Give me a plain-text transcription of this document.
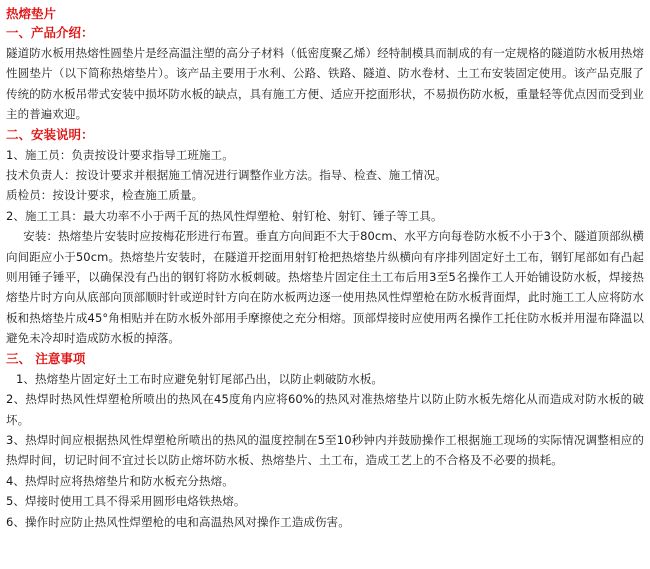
热熔垫片
一、产品介绍：

隧道防水板用热熔性圆垫片是经高温注塑的高分子材料（低密度聚乙烯）经特制模具而制成的有一定规格的隧道防水板用热熔性圆垫片（以下简称热熔垫片）。该产品主要用于水利、公路、铁路、隧道、防水卷材、土工布安装固定使用。该产品克服了传统的防水板吊带式安装中损坏防水板的缺点，具有施工方便、适应开挖面形状，不易损伤防水板，重量轻等优点因而受到业主的普遍欢迎。

二、安装说明：

1、施工员：负责按设计要求指导工班施工。

技术负责人：按设计要求并根据施工情况进行调整作业方法。指导、检查、施工情况。

质检员：按设计要求，检查施工质量。

2、施工工具：最大功率不小于两千瓦的热风性焊塑枪、射钉枪、射钉、锤子等工具。

安装：热熔垫片安装时应按梅花形进行布置。垂直方向间距不大于80cm、水平方向每卷防水板不小于3个、隧道顶部纵横向间距应小于50cm。热熔垫片安装时，在隧道开挖面用射钉枪把热熔垫片纵横向有序排列固定好土工布，钢钉尾部如有凸起则用锤子锤平，以确保没有凸出的钢钉将防水板刺破。热熔垫片固定住土工布后用3至5名操作工人开始铺设防水板，焊接热熔垫片时方向从底部向顶部顺时针或逆时针方向在防水板两边逐一使用热风性焊塑枪在防水板背面焊，此时施工工人应将防水板和热熔垫片成45°角相贴并在防水板外部用手摩擦使之充分相熔。顶部焊接时应使用两名操作工托住防水板并用湿布降温以避免未冷却时造成防水板的掉落。

三、 注意事项

1、热熔垫片固定好土工布时应避免射钉尾部凸出，以防止刺破防水板。

2、热焊时热风性焊塑枪所喷出的热风在45度角内应将60%的热风对准热熔垫片以防止防水板先熔化从而造成对防水板的破坏。

3、热焊时间应根据热风性焊塑枪所喷出的热风的温度控制在5至10秒钟内并鼓励操作工根据施工现场的实际情况调整相应的热焊时间，切记时间不宜过长以防止熔坏防水板、热熔垫片、土工布，造成工艺上的不合格及不必要的损耗。

4、热焊时应将热熔垫片和防水板充分热熔。

5、焊接时使用工具不得采用圆形电烙铁热熔。

6、操作时应防止热风性焊塑枪的电和高温热风对操作工造成伤害。
